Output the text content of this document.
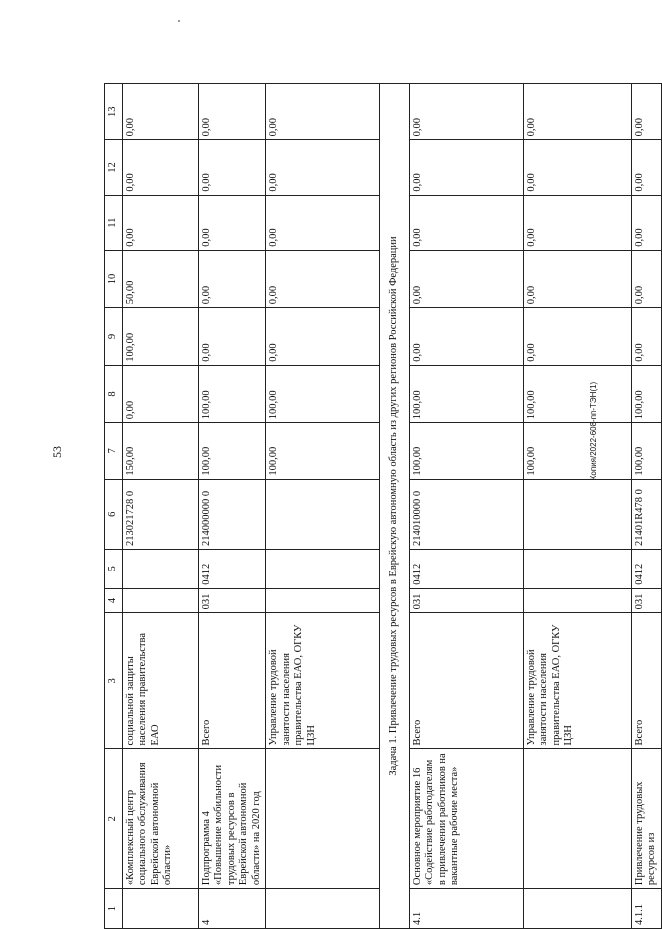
53	Копия/2022-608-пп-ТЭН(1)
1	2	3	4	5	6	7	8	9	10	11	12	13
	«Комплексный центр социального обслуживания Еврейской автономной области»	социальной защиты населения правительства ЕАО			213021728 0	150,00	0,00	100,00	50,00	0,00	0,00	0,00
4	Подпрограмма 4 «Повышение мобильности трудовых ресурсов в Еврейской автономной области» на 2020 год	Всего	031	0412	214000000 0	100,00	100,00	0,00	0,00	0,00	0,00	0,00
		Управление трудовой занятости населения правительства ЕАО, ОГКУ ЦЗН				100,00	100,00	0,00	0,00	0,00	0,00	0,00
Задача 1. Привлечение трудовых ресурсов в Еврейскую автономную область из других регионов Российской Федерации												
4.1	Основное мероприятие 16 «Содействие работодателям в привлечении работников на вакантные рабочие места»	Всего	031	0412	214010000 0	100,00	100,00	0,00	0,00	0,00	0,00	0,00
		Управление трудовой занятости населения правительства ЕАО, ОГКУ ЦЗН				100,00	100,00	0,00	0,00	0,00	0,00	0,00
4.1.1	Привлечение трудовых ресурсов из	Всего	031	0412	21401R478 0	100,00	100,00	0,00	0,00	0,00	0,00	0,00
